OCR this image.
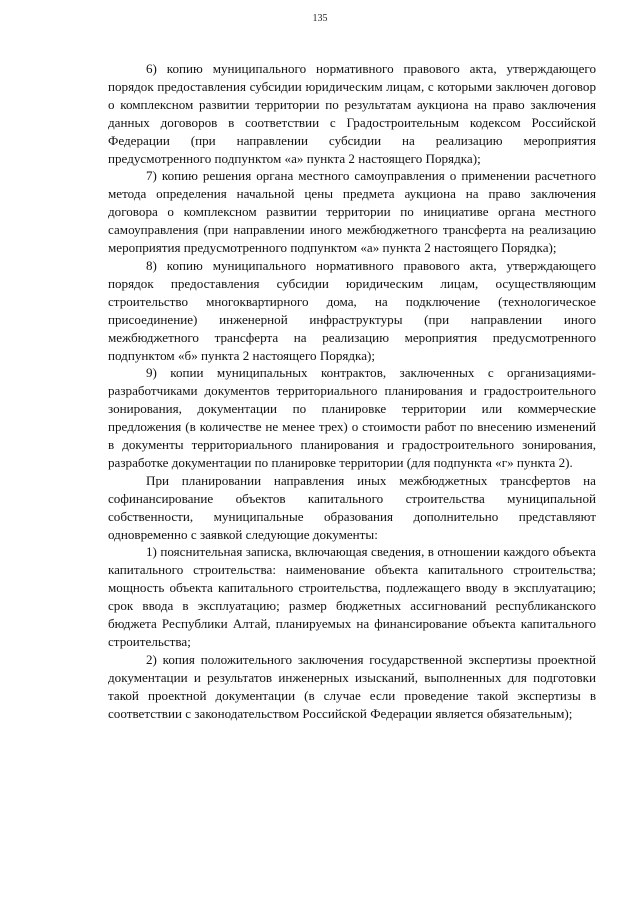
135

6) копию муниципального нормативного правового акта, утверждающего порядок предоставления субсидии юридическим лицам, с которыми заключен договор о комплексном развитии территории по результатам аукциона на право заключения данных договоров в соответствии с Градостроительным кодексом Российской Федерации (при направлении субсидии на реализацию мероприятия предусмотренного подпунктом «а» пункта 2 настоящего Порядка);

7) копию решения органа местного самоуправления о применении расчетного метода определения начальной цены предмета аукциона на право заключения договора о комплексном развитии территории по инициативе органа местного самоуправления (при направлении иного межбюджетного трансферта на реализацию мероприятия предусмотренного подпунктом «а» пункта 2 настоящего Порядка);

8) копию муниципального нормативного правового акта, утверждающего порядок предоставления субсидии юридическим лицам, осуществляющим строительство многоквартирного дома, на подключение (технологическое присоединение) инженерной инфраструктуры (при направлении иного межбюджетного трансферта на реализацию мероприятия предусмотренного подпунктом «б» пункта 2 настоящего Порядка);

9) копии муниципальных контрактов, заключенных с организациями-разработчиками документов территориального планирования и градостроительного зонирования, документации по планировке территории или коммерческие предложения (в количестве не менее трех) о стоимости работ по внесению изменений в документы территориального планирования и градостроительного зонирования, разработке документации по планировке территории (для подпункта «г» пункта 2).

При планировании направления иных межбюджетных трансфертов на софинансирование объектов капитального строительства муниципальной собственности, муниципальные образования дополнительно представляют одновременно с заявкой следующие документы:

1) пояснительная записка, включающая сведения, в отношении каждого объекта капитального строительства: наименование объекта капитального строительства; мощность объекта капитального строительства, подлежащего вводу в эксплуатацию; срок ввода в эксплуатацию; размер бюджетных ассигнований республиканского бюджета Республики Алтай, планируемых на финансирование объекта капитального строительства;

2) копия положительного заключения государственной экспертизы проектной документации и результатов инженерных изысканий, выполненных для подготовки такой проектной документации (в случае если проведение такой экспертизы в соответствии с законодательством Российской Федерации является обязательным);
